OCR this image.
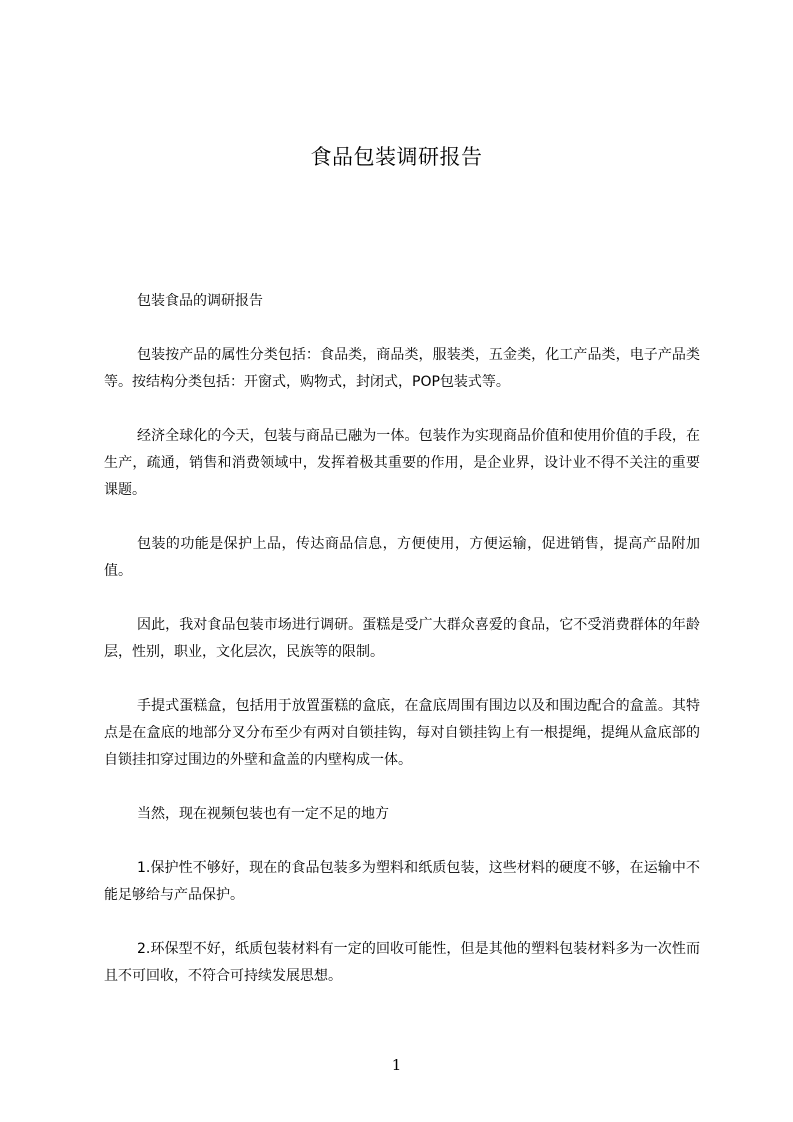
食品包装调研报告

包装食品的调研报告

包装按产品的属性分类包括：食品类，商品类，服装类，五金类，化工产品类，电子产品类等。按结构分类包括：开窗式，购物式，封闭式，POP包装式等。

经济全球化的今天，包装与商品已融为一体。包装作为实现商品价值和使用价值的手段，在生产，疏通，销售和消费领域中，发挥着极其重要的作用，是企业界，设计业不得不关注的重要课题。

包装的功能是保护上品，传达商品信息，方便使用，方便运输，促进销售，提高产品附加值。

因此，我对食品包装市场进行调研。蛋糕是受广大群众喜爱的食品，它不受消费群体的年龄层，性别，职业，文化层次，民族等的限制。

手提式蛋糕盒，包括用于放置蛋糕的盒底，在盒底周围有围边以及和围边配合的盒盖。其特点是在盒底的地部分叉分布至少有两对自锁挂钩，每对自锁挂钩上有一根提绳，提绳从盒底部的自锁挂扣穿过围边的外壁和盒盖的内壁构成一体。

当然，现在视频包装也有一定不足的地方

1.保护性不够好，现在的食品包装多为塑料和纸质包装，这些材料的硬度不够，在运输中不能足够给与产品保护。

2.环保型不好，纸质包装材料有一定的回收可能性，但是其他的塑料包装材料多为一次性而且不可回收，不符合可持续发展思想。

1
